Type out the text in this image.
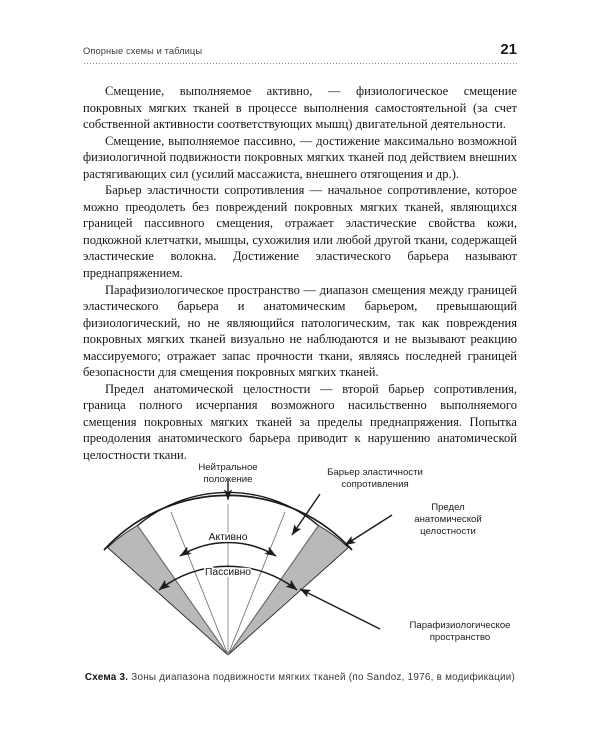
Опорные схемы и таблицы	21

Смещение, выполняемое активно, — физиологическое смещение покровных мягких тканей в процессе выполнения самостоятельной (за счет собственной активности соответствующих мышц) двигательной деятельности.

Смещение, выполняемое пассивно, — достижение максимально возможной физиологичной подвижности покровных мягких тканей под действием внешних растягивающих сил (усилий массажиста, внешнего отягощения и др.).

Барьер эластичности сопротивления — начальное сопротивление, которое можно преодолеть без повреждений покровных мягких тканей, являющихся границей пассивного смещения, отражает эластические свойства кожи, подкожной клетчатки, мышцы, сухожилия или любой другой ткани, содержащей эластические волокна. Достижение эластического барьера называют преднапряжением.

Парафизиологическое пространство — диапазон смещения между границей эластического барьера и анатомическим барьером, превышающий физиологический, но не являющийся патологическим, так как повреждения покровных мягких тканей визуально не наблюдаются и не вызывают реакцию массируемого; отражает запас прочности ткани, являясь последней границей безопасности для смещения покровных мягких тканей.

Предел анатомической целостности — второй барьер сопротивления, граница полного исчерпания возможного насильственно выполняемого смещения покровных мягких тканей за пределы преднапряжения. Попытка преодоления анатомического барьера приводит к нарушению анатомической целостности ткани.

Нейтральное
положение
Барьер эластичности
сопротивления
Предел
анатомической
целостности
Парафизиологическое
пространство
Активно
Пассивно
Схема 3. Зоны диапазона подвижности мягких тканей (по Sandoz, 1976, в модификации)
